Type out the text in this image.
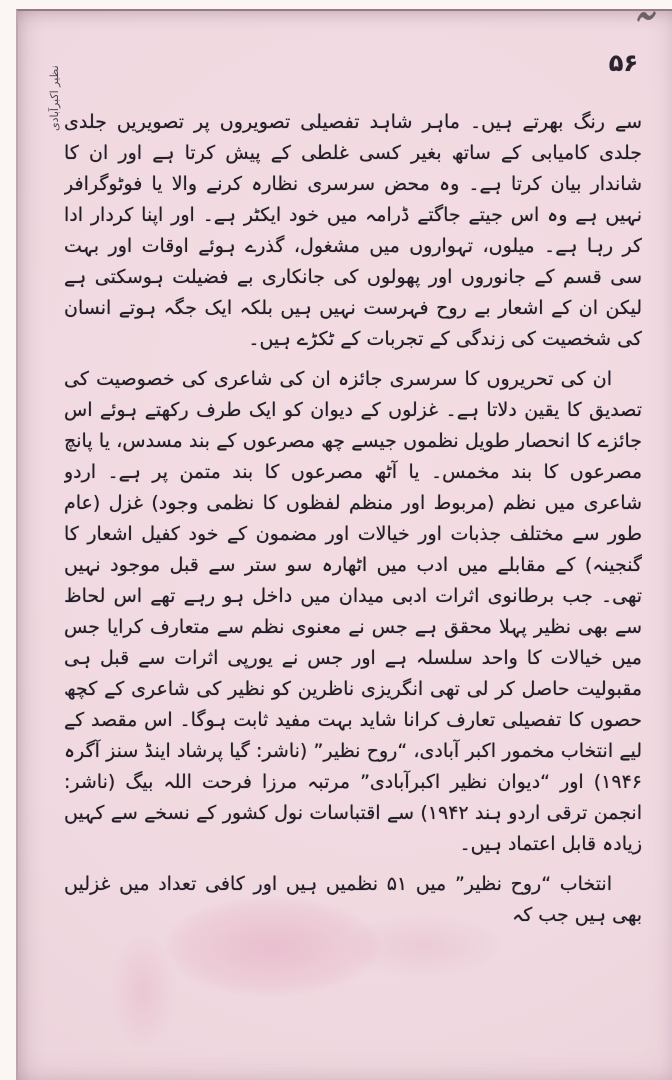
نظیر اکبرآبادی
۵۶

سے رنگ بھرتے ہیں۔ ماہر شاہد تفصیلی تصویروں پر تصویریں جلدی جلدی کامیابی کے ساتھ بغیر کسی غلطی کے پیش کرتا ہے اور ان کا شاندار بیان کرتا ہے۔ وہ محض سرسری نظارہ کرنے والا یا فوٹوگرافر نہیں ہے وہ اس جیتے جاگتے ڈرامہ میں خود ایکٹر ہے۔ اور اپنا کردار ادا کر رہا ہے۔ میلوں، تہواروں میں مشغول، گذرے ہوئے اوقات اور بہت سی قسم کے جانوروں اور پھولوں کی جانکاری بے فضیلت ہوسکتی ہے لیکن ان کے اشعار بے روح فہرست نہیں ہیں بلکہ ایک جگہ ہوتے انسان کی شخصیت کی زندگی کے تجربات کے ٹکڑے ہیں۔

ان کی تحریروں کا سرسری جائزہ ان کی شاعری کی خصوصیت کی تصدیق کا یقین دلاتا ہے۔ غزلوں کے دیوان کو ایک طرف رکھتے ہوئے اس جائزے کا انحصار طویل نظموں جیسے چھ مصرعوں کے بند مسدس، یا پانچ مصرعوں کا بند مخمس۔ یا آٹھ مصرعوں کا بند متمن پر ہے۔ اردو شاعری میں نظم (مربوط اور منظم لفظوں کا نظمی وجود) غزل (عام طور سے مختلف جذبات اور خیالات اور مضمون کے خود کفیل اشعار کا گنجینہ) کے مقابلے میں ادب میں اٹھارہ سو ستر سے قبل موجود نہیں تھی۔ جب برطانوی اثرات ادبی میدان میں داخل ہو رہے تھے اس لحاظ سے بھی نظیر پہلا محقق ہے جس نے معنوی نظم سے متعارف کرایا جس میں خیالات کا واحد سلسلہ ہے اور جس نے یورپی اثرات سے قبل ہی مقبولیت حاصل کر لی تھی انگریزی ناظرین کو نظیر کی شاعری کے کچھ حصوں کا تفصیلی تعارف کرانا شاید بہت مفید ثابت ہوگا۔ اس مقصد کے لیے انتخاب مخمور اکبر آبادی، “روح نظیر” (ناشر: گیا پرشاد اینڈ سنز آگرہ ۱۹۴۶) اور “دیوان نظیر اکبرآبادی” مرتبہ مرزا فرحت اللہ بیگ (ناشر: انجمن ترقی اردو ہند ۱۹۴۲) سے اقتباسات نول کشور کے نسخے سے کہیں زیادہ قابل اعتماد ہیں۔

انتخاب “روح نظیر” میں ۵۱ نظمیں ہیں اور کافی تعداد میں غزلیں بھی ہیں جب کہ
